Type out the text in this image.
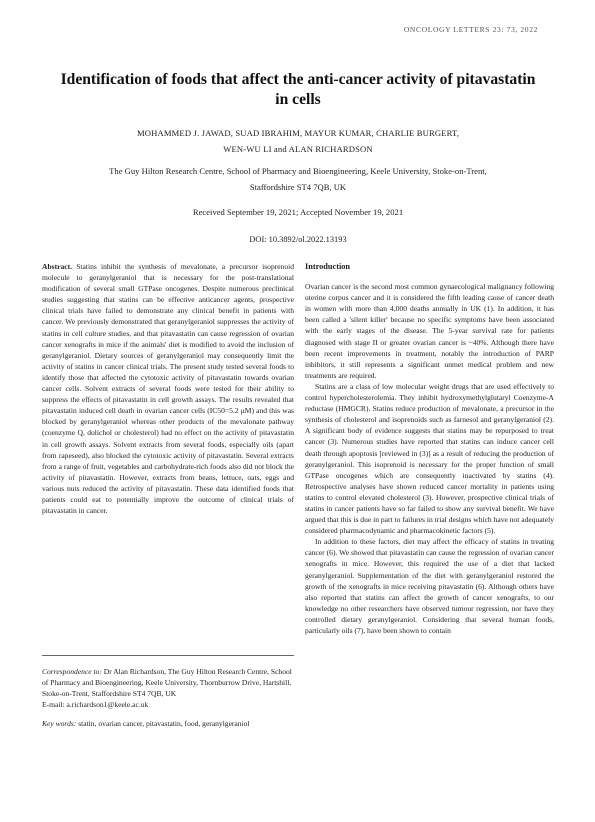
ONCOLOGY LETTERS 23: 73, 2022
Identification of foods that affect the anti-cancer activity of pitavastatin in cells
MOHAMMED J. JAWAD, SUAD IBRAHIM, MAYUR KUMAR, CHARLIE BURGERT,
WEN-WU LI and ALAN RICHARDSON
The Guy Hilton Research Centre, School of Pharmacy and Bioengineering, Keele University, Stoke-on-Trent, Staffordshire ST4 7QB, UK
Received September 19, 2021; Accepted November 19, 2021
DOI: 10.3892/ol.2022.13193

Abstract. Statins inhibit the synthesis of mevalonate, a precursor isoprenoid molecule to geranylgeraniol that is necessary for the post-translational modification of several small GTPase oncogenes. Despite numerous preclinical studies suggesting that statins can be effective anticancer agents, prospective clinical trials have failed to demonstrate any clinical benefit in patients with cancer. We previously demonstrated that geranylgeraniol suppresses the activity of statins in cell culture studies, and that pitavastatin can cause regression of ovarian cancer xenografts in mice if the animals' diet is modified to avoid the inclusion of geranylgeraniol. Dietary sources of geranylgeraniol may consequently limit the activity of statins in cancer clinical trials. The present study tested several foods to identify those that affected the cytotoxic activity of pitavastatin towards ovarian cancer cells. Solvent extracts of several foods were tested for their ability to suppress the effects of pitavastatin in cell growth assays. The results revealed that pitavastatin induced cell death in ovarian cancer cells (IC50=5.2 μM) and this was blocked by geranylgeraniol whereas other products of the mevalonate pathway (coenzyme Q, dolichol or cholesterol) had no effect on the activity of pitavastatin in cell growth assays. Solvent extracts from several foods, especially oils (apart from rapeseed), also blocked the cytotoxic activity of pitavastatin. Several extracts from a range of fruit, vegetables and carbohydrate-rich foods also did not block the activity of pitavastatin. However, extracts from beans, lettuce, oats, eggs and various nuts reduced the activity of pitavastatin. These data identified foods that patients could eat to potentially improve the outcome of clinical trials of pitavastatin in cancer.

Correspondence to: Dr Alan Richardson, The Guy Hilton Research Centre, School of Pharmacy and Bioengineering, Keele University, Thornburrow Drive, Hartshill, Stoke-on-Trent, Staffordshire ST4 7QB, UK

E-mail: a.richardson1@keele.ac.uk

Key words: statin, ovarian cancer, pitavastatin, food, geranylgeraniol

Introduction

Ovarian cancer is the second most common gynaecological malignancy following uterine corpus cancer and it is considered the fifth leading cause of cancer death in women with more than 4,000 deaths annually in UK (1). In addition, it has been called a 'silent killer' because no specific symptoms have been associated with the early stages of the disease. The 5-year survival rate for patients diagnosed with stage II or greater ovarian cancer is ~40%. Although there have been recent improvements in treatment, notably the introduction of PARP inhibitors, it still represents a significant unmet medical problem and new treatments are required.

Statins are a class of low molecular weight drugs that are used effectively to control hypercholesterolemia. They inhibit hydroxymethylglutaryl Coenzyme-A reductase (HMGCR). Statins reduce production of mevalonate, a precursor in the synthesis of cholesterol and isoprenoids such as farnesol and geranylgeraniol (2). A significant body of evidence suggests that statins may be repurposed to treat cancer (3). Numerous studies have reported that statins can induce cancer cell death through apoptosis [reviewed in (3)] as a result of reducing the production of geranylgeraniol. This isoprenoid is necessary for the proper function of small GTPase oncogenes which are consequently inactivated by statins (4). Retrospective analyses have shown reduced cancer mortality in patients using statins to control elevated cholesterol (3). However, prospective clinical trials of statins in cancer patients have so far failed to show any survival benefit. We have argued that this is due in part to failures in trial designs which have not adequately considered pharmacodynamic and pharmacokinetic factors (5).

In addition to these factors, diet may affect the efficacy of statins in treating cancer (6). We showed that pitavastatin can cause the regression of ovarian cancer xenografts in mice. However, this required the use of a diet that lacked geranylgeraniol. Supplementation of the diet with geranylgeraniol restored the growth of the xenografts in mice receiving pitavastatin (6). Although others have also reported that statins can affect the growth of cancer xenografts, to our knowledge no other researchers have observed tumour regression, nor have they controlled dietary geranylgeraniol. Considering that several human foods, particularly oils (7), have been shown to contain
